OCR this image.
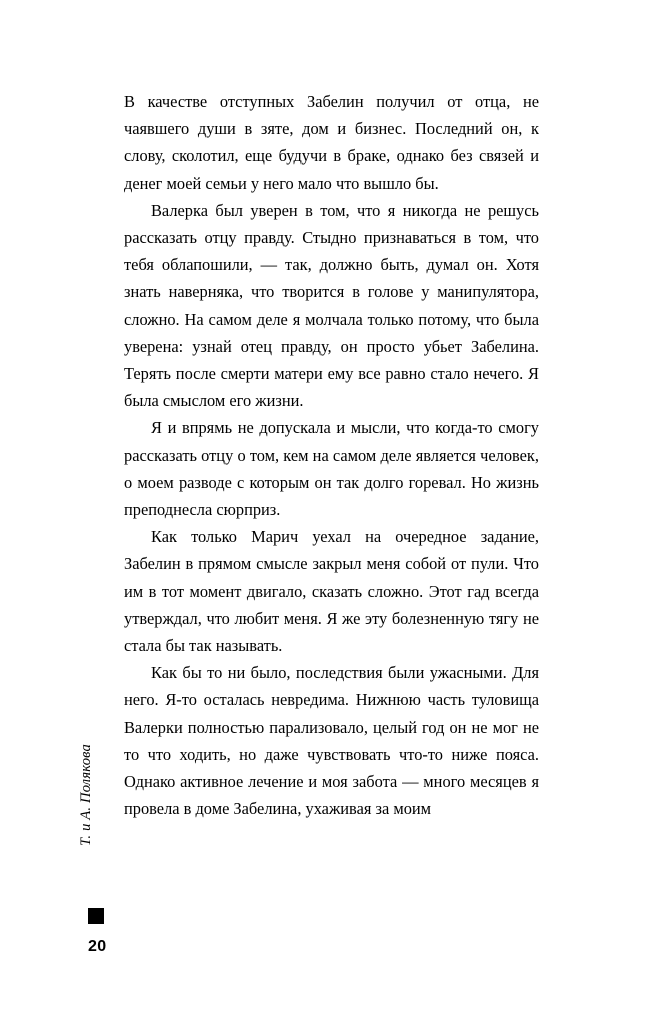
В качестве отступных Забелин получил от отца, не чаявшего души в зяте, дом и бизнес. Последний он, к слову, сколотил, еще будучи в браке, однако без связей и денег моей семьи у него мало что вышло бы.

Валерка был уверен в том, что я никогда не решусь рассказать отцу правду. Стыдно признаваться в том, что тебя облапошили, — так, должно быть, думал он. Хотя знать наверняка, что творится в голове у манипулятора, сложно. На самом деле я молчала только потому, что была уверена: узнай отец правду, он просто убьет Забелина. Терять после смерти матери ему все равно стало нечего. Я была смыслом его жизни.

Я и впрямь не допускала и мысли, что когда-то смогу рассказать отцу о том, кем на самом деле является человек, о моем разводе с которым он так долго горевал. Но жизнь преподнесла сюрприз.

Как только Марич уехал на очередное задание, Забелин в прямом смысле закрыл меня собой от пули. Что им в тот момент двигало, сказать сложно. Этот гад всегда утверждал, что любит меня. Я же эту болезненную тягу не стала бы так называть.

Как бы то ни было, последствия были ужасными. Для него. Я-то осталась невредима. Нижнюю часть туловища Валерки полностью парализовало, целый год он не мог не то что ходить, но даже чувствовать что-то ниже пояса. Однако активное лечение и моя забота — много месяцев я провела в доме Забелина, ухаживая за моим

Т. и А. Полякова
20
